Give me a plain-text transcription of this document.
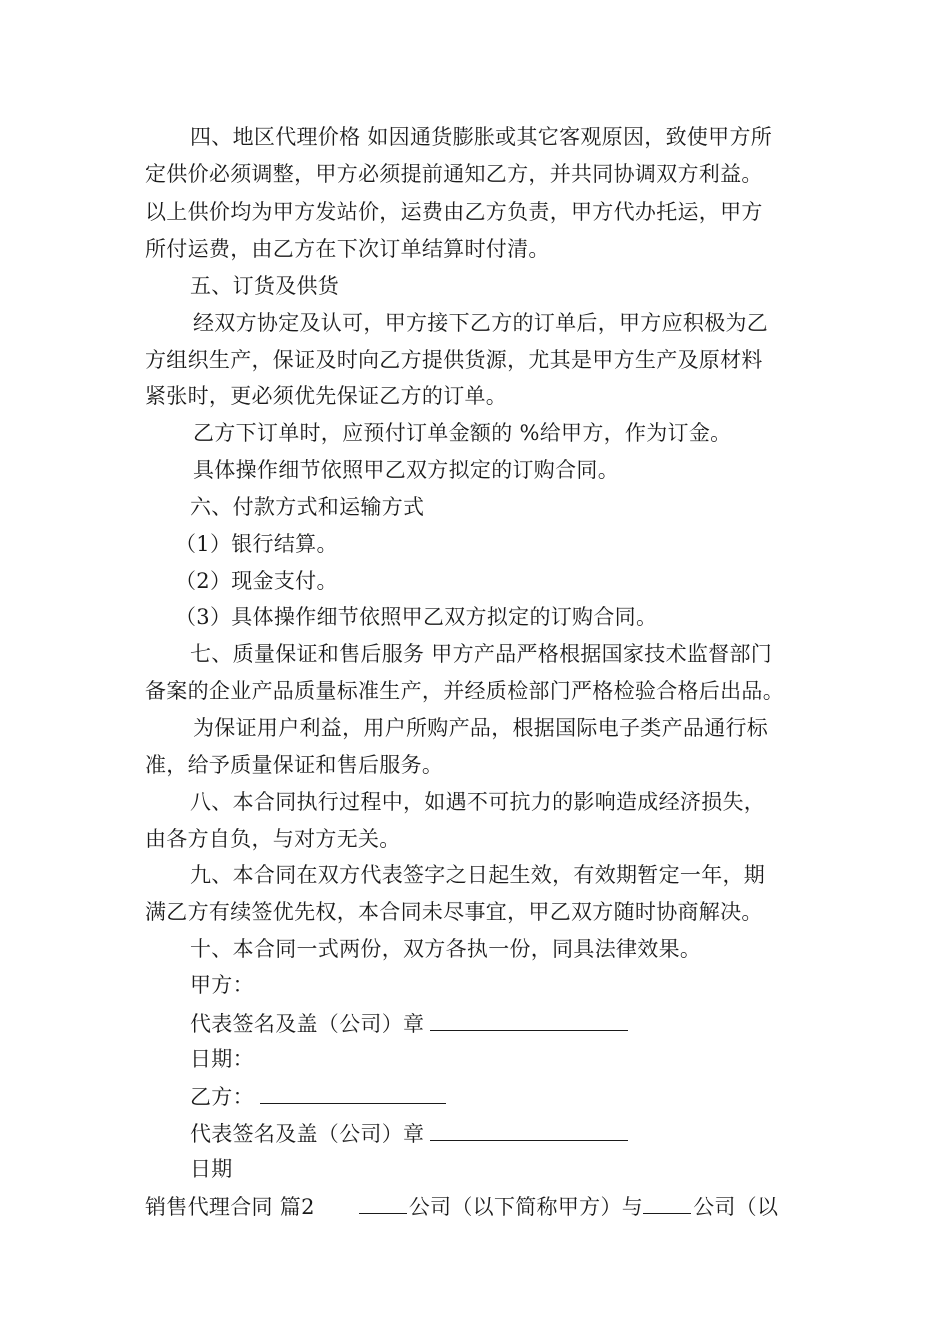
四、地区代理价格 如因通货膨胀或其它客观原因，致使甲方所
定供价必须调整，甲方必须提前通知乙方，并共同协调双方利益。
以上供价均为甲方发站价，运费由乙方负责，甲方代办托运，甲方
所付运费，由乙方在下次订单结算时付清。
五、订货及供货
经双方协定及认可，甲方接下乙方的订单后，甲方应积极为乙
方组织生产，保证及时向乙方提供货源，尤其是甲方生产及原材料
紧张时，更必须优先保证乙方的订单。
乙方下订单时，应预付订单金额的 %给甲方，作为订金。
具体操作细节依照甲乙双方拟定的订购合同。
六、付款方式和运输方式
（1）银行结算。
（2）现金支付。
（3）具体操作细节依照甲乙双方拟定的订购合同。
七、质量保证和售后服务 甲方产品严格根据国家技术监督部门
备案的企业产品质量标准生产，并经质检部门严格检验合格后出品。
为保证用户利益，用户所购产品，根据国际电子类产品通行标
准，给予质量保证和售后服务。
八、本合同执行过程中，如遇不可抗力的影响造成经济损失，
由各方自负，与对方无关。
九、本合同在双方代表签字之日起生效，有效期暂定一年，期
满乙方有续签优先权，本合同未尽事宜，甲乙双方随时协商解决。
十、本合同一式两份，双方各执一份，同具法律效果。
甲方：
代表签名及盖（公司）章
日期：
乙方：
代表签名及盖（公司）章
日期
销售代理合同 篇2	公司（以下简称甲方）与 公司（以
